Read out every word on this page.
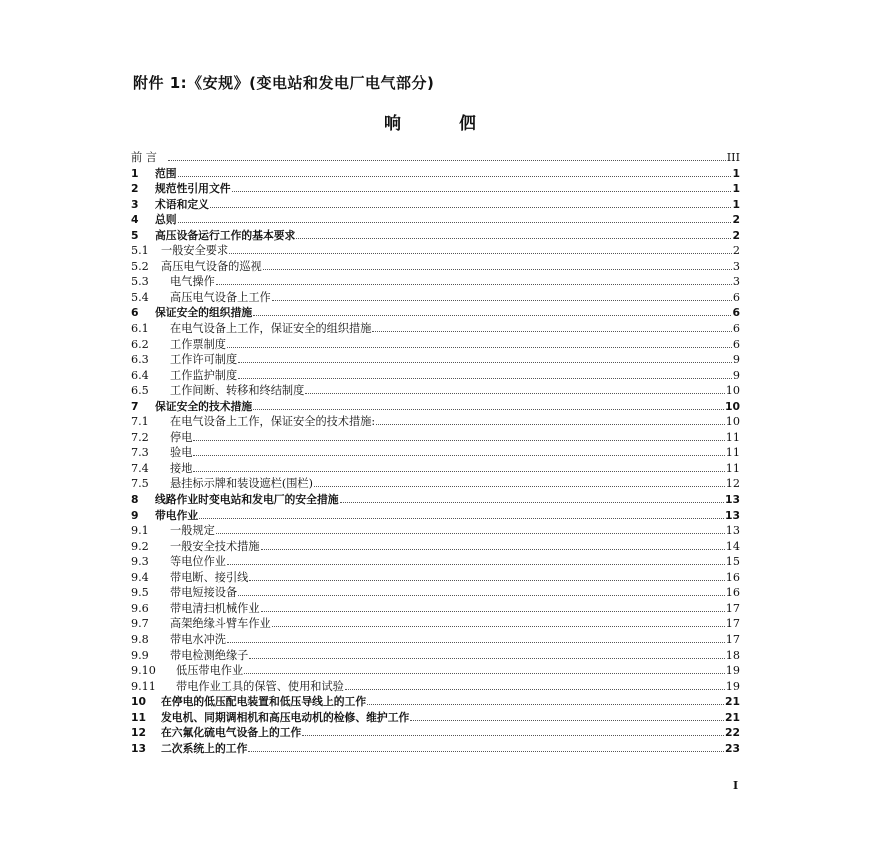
附件 1:《安规》(变电站和发电厂电气部分)
响 伵
前 言	III
1	范围	1
2	规范性引用文件	1
3	术语和定义	1
4	总则	2
5	高压设备运行工作的基本要求	2
5.1	一般安全要求	2
5.2	高压电气设备的巡视	3
5.3	电气操作	3
5.4	高压电气设备上工作	6
6	保证安全的组织措施	6
6.1	在电气设备上工作，保证安全的组织措施	6
6.2	工作票制度	6
6.3	工作许可制度	9
6.4	工作监护制度	9
6.5	工作间断、转移和终结制度	10
7	保证安全的技术措施	10
7.1	在电气设备上工作，保证安全的技术措施:	10
7.2	停电	11
7.3	验电	11
7.4	接地	11
7.5	悬挂标示牌和装设遮栏(围栏)	12
8	线路作业时变电站和发电厂的安全措施	13
9	带电作业	13
9.1	一般规定	13
9.2	一般安全技术措施	14
9.3	等电位作业	15
9.4	带电断、接引线	16
9.5	带电短接设备	16
9.6	带电清扫机械作业	17
9.7	高架绝缘斗臂车作业	17
9.8	带电水冲洗	17
9.9	带电检测绝缘子	18
9.10	低压带电作业	19
9.11	带电作业工具的保管、使用和试验	19
10	在停电的低压配电装置和低压导线上的工作	21
11	发电机、同期调相机和高压电动机的检修、维护工作	21
12	在六氟化硫电气设备上的工作	22
13	二次系统上的工作	23
I
